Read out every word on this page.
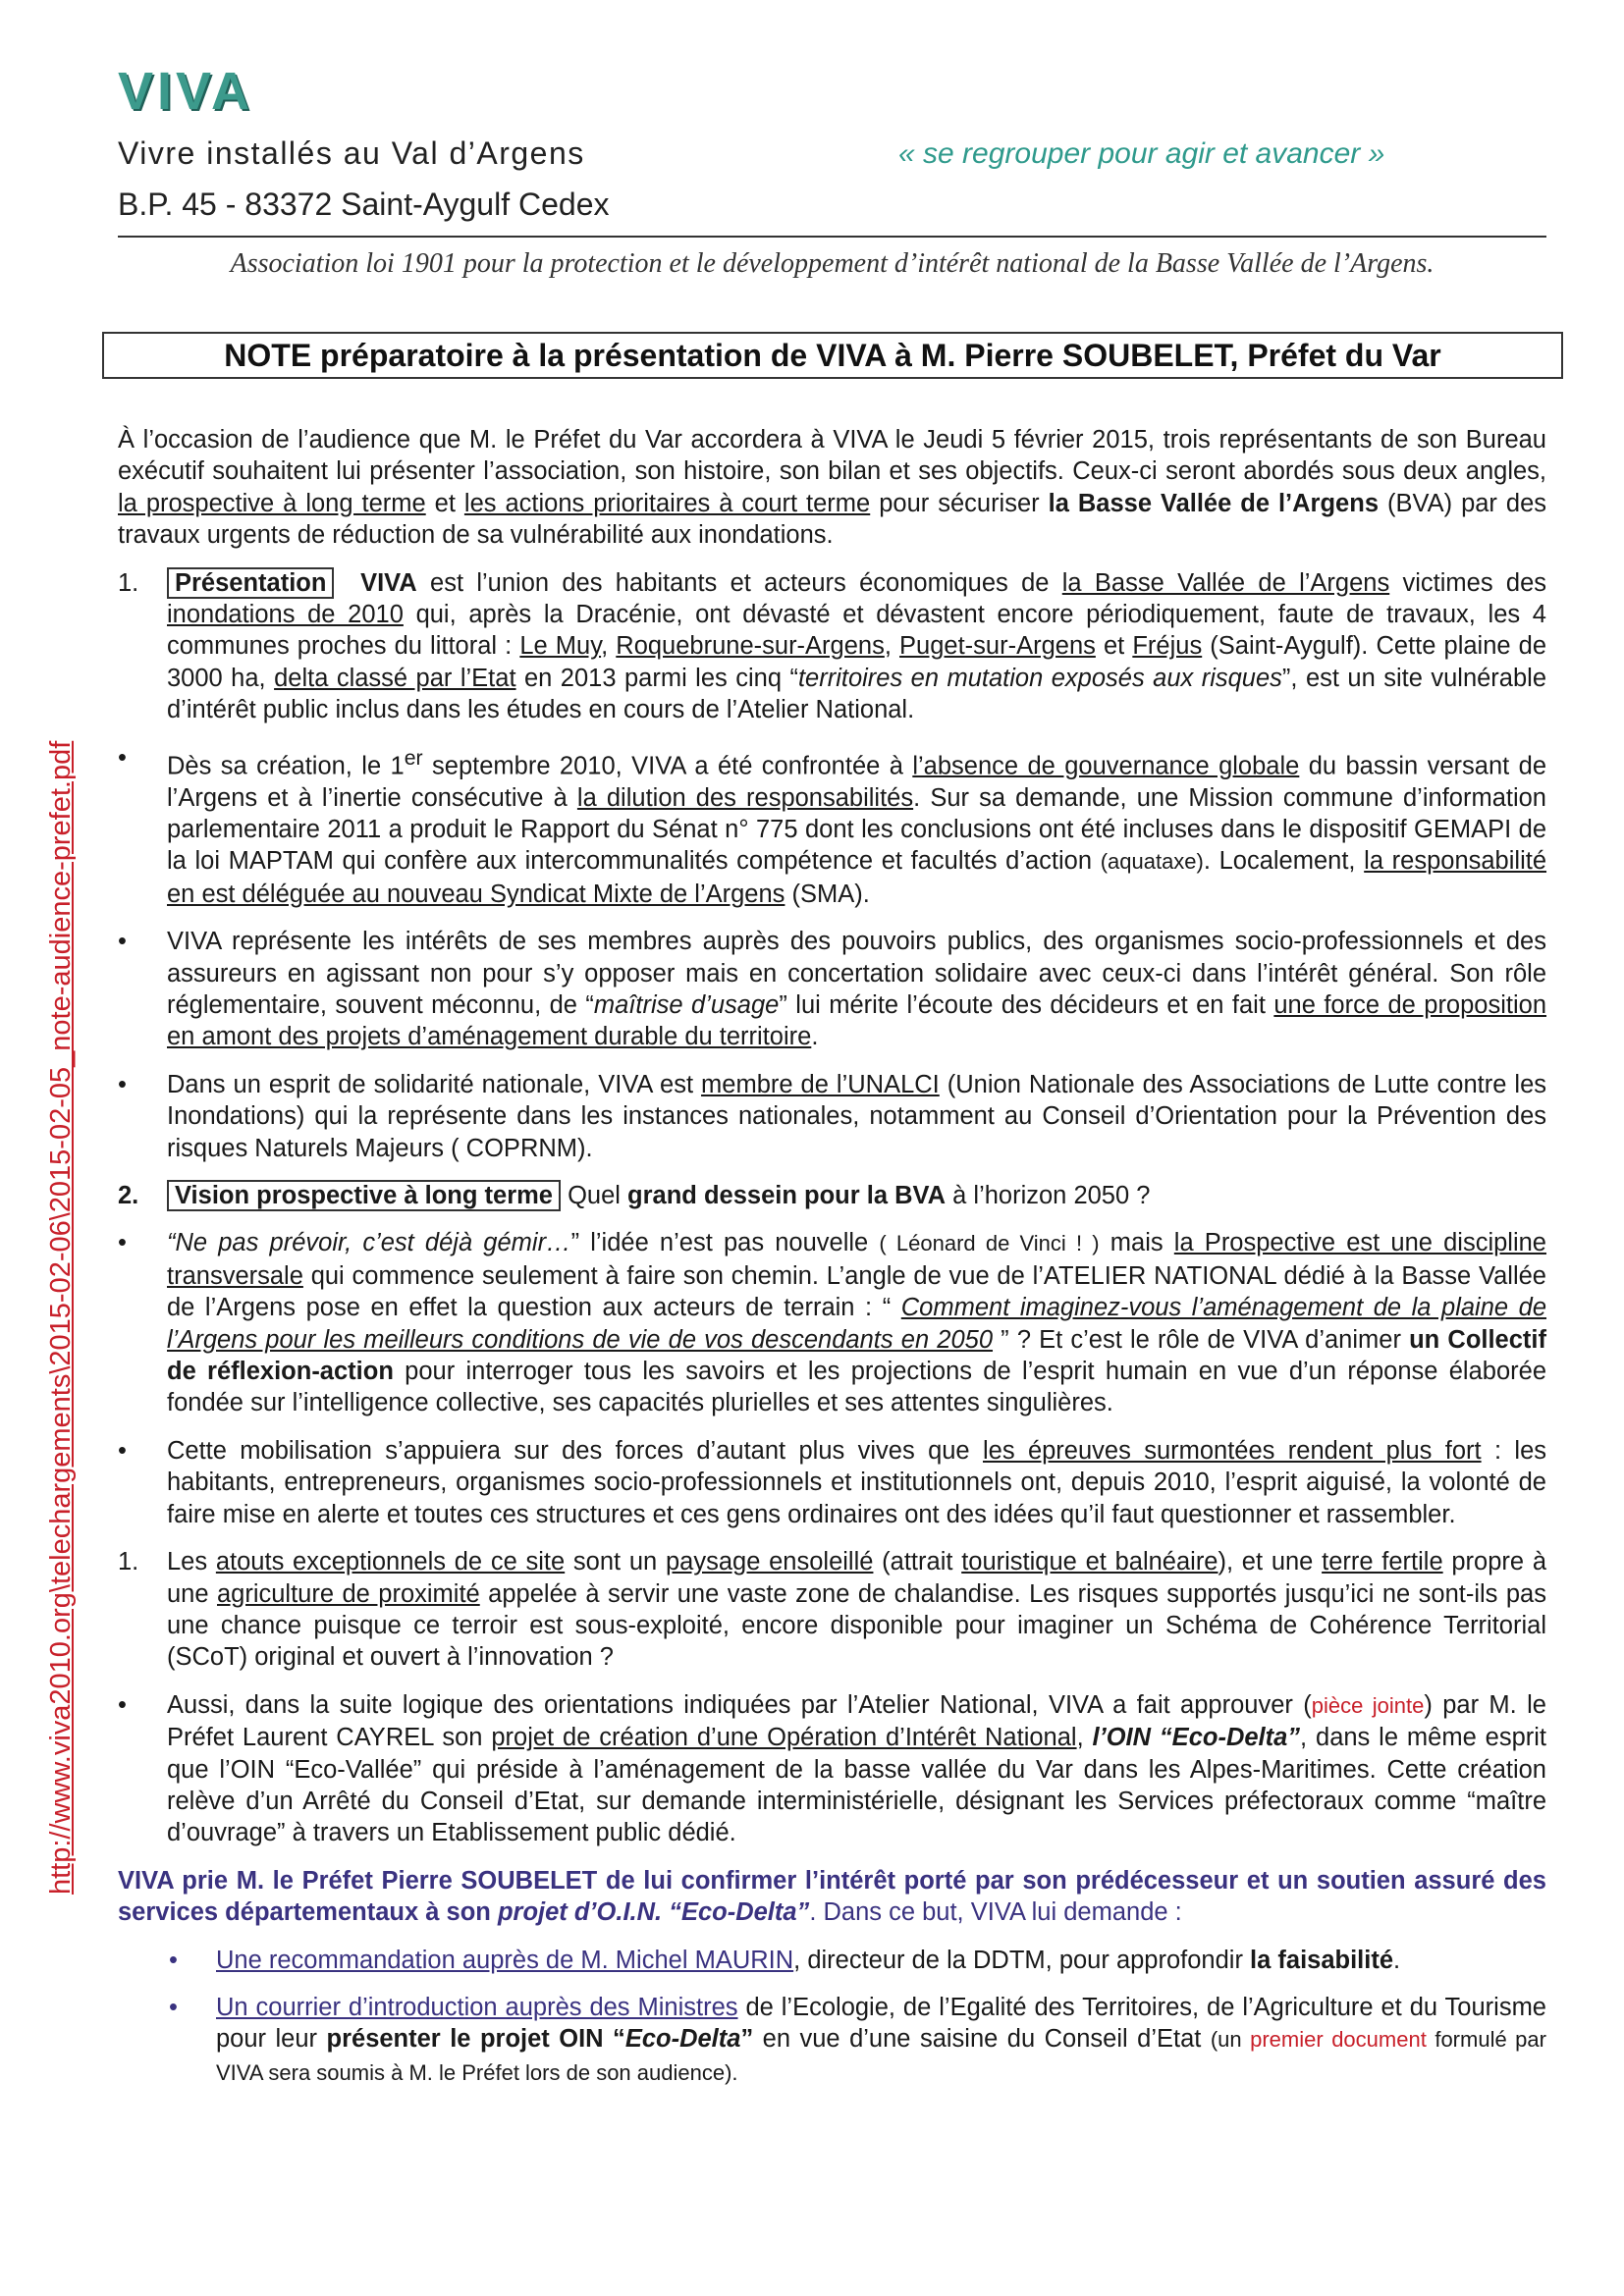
http://www.viva2010.org\telechargements\2015-02-06\2015-02-05_note-audience-prefet.pdf
VIVA
Vivre installés au Val d’Argens
B.P. 45 - 83372 Saint-Aygulf Cedex
« se regrouper pour agir et avancer »
Association loi 1901 pour la protection et le développement d’intérêt national de la Basse Vallée de l’Argens.
NOTE préparatoire à la présentation de VIVA à M. Pierre SOUBELET, Préfet du Var

À l’occasion de l’audience que M. le Préfet du Var accordera à VIVA le Jeudi 5 février 2015, trois représentants de son Bureau exécutif souhaitent lui présenter l’association, son histoire, son bilan et ses objectifs. Ceux-ci seront abordés sous deux angles, la prospective à long terme et les actions prioritaires à court terme pour sécuriser la Basse Vallée de l’Argens (BVA) par des travaux urgents de réduction de sa vulnérabilité aux inondations.

1. Présentation VIVA est l’union des habitants et acteurs économiques de la Basse Vallée de l’Argens victimes des inondations de 2010 qui, après la Dracénie, ont dévasté et dévastent encore périodiquement, faute de travaux, les 4 communes proches du littoral : Le Muy, Roquebrune-sur-Argens, Puget-sur-Argens et Fréjus (Saint-Aygulf). Cette plaine de 3000 ha, delta classé par l’Etat en 2013 parmi les cinq “territoires en mutation exposés aux risques”, est un site vulnérable d’intérêt public inclus dans les études en cours de l’Atelier National.
• Dès sa création, le 1er septembre 2010, VIVA a été confrontée à l’absence de gouvernance globale du bassin versant de l’Argens et à l’inertie consécutive à la dilution des responsabilités. Sur sa demande, une Mission commune d’information parlementaire 2011 a produit le Rapport du Sénat n° 775 dont les conclusions ont été incluses dans le dispositif GEMAPI de la loi MAPTAM qui confère aux intercommunalités compétence et facultés d’action (aquataxe). Localement, la responsabilité en est déléguée au nouveau Syndicat Mixte de l’Argens (SMA).
• VIVA représente les intérêts de ses membres auprès des pouvoirs publics, des organismes socio-professionnels et des assureurs en agissant non pour s’y opposer mais en concertation solidaire avec ceux-ci dans l’intérêt général. Son rôle réglementaire, souvent méconnu, de “maîtrise d’usage” lui mérite l’écoute des décideurs et en fait une force de proposition en amont des projets d’aménagement durable du territoire.
• Dans un esprit de solidarité nationale, VIVA est membre de l’UNALCI (Union Nationale des Associations de Lutte contre les Inondations) qui la représente dans les instances nationales, notamment au Conseil d’Orientation pour la Prévention des risques Naturels Majeurs ( COPRNM).
2. Vision prospective à long terme Quel grand dessein pour la BVA à l’horizon 2050 ?
• “Ne pas prévoir, c’est déjà gémir…” l’idée n’est pas nouvelle ( Léonard de Vinci ! ) mais la Prospective est une discipline transversale qui commence seulement à faire son chemin. L’angle de vue de l’ATELIER NATIONAL dédié à la Basse Vallée de l’Argens pose en effet la question aux acteurs de terrain : “ Comment imaginez-vous l’aménagement de la plaine de l’Argens pour les meilleurs conditions de vie de vos descendants en 2050 ” ? Et c’est le rôle de VIVA d’animer un Collectif de réflexion-action pour interroger tous les savoirs et les projections de l’esprit humain en vue d’un réponse élaborée fondée sur l’intelligence collective, ses capacités plurielles et ses attentes singulières.
• Cette mobilisation s’appuiera sur des forces d’autant plus vives que les épreuves surmontées rendent plus fort : les habitants, entrepreneurs, organismes socio-professionnels et institutionnels ont, depuis 2010, l’esprit aiguisé, la volonté de faire mise en alerte et toutes ces structures et ces gens ordinaires ont des idées qu’il faut questionner et rassembler.
1. Les atouts exceptionnels de ce site sont un paysage ensoleillé (attrait touristique et balnéaire), et une terre fertile propre à une agriculture de proximité appelée à servir une vaste zone de chalandise. Les risques supportés jusqu’ici ne sont-ils pas une chance puisque ce terroir est sous-exploité, encore disponible pour imaginer un Schéma de Cohérence Territorial (SCoT) original et ouvert à l’innovation ?
• Aussi, dans la suite logique des orientations indiquées par l’Atelier National, VIVA a fait approuver (pièce jointe) par M. le Préfet Laurent CAYREL son projet de création d’une Opération d’Intérêt National, l’OIN “Eco-Delta”, dans le même esprit que l’OIN “Eco-Vallée” qui préside à l’aménagement de la basse vallée du Var dans les Alpes-Maritimes. Cette création relève d’un Arrêté du Conseil d’Etat, sur demande interministérielle, désignant les Services préfectoraux comme “maître d’ouvrage” à travers un Etablissement public dédié.

VIVA prie M. le Préfet Pierre SOUBELET de lui confirmer l’intérêt porté par son prédécesseur et un soutien assuré des services départementaux à son projet d’O.I.N. “Eco-Delta”. Dans ce but, VIVA lui demande :

• Une recommandation auprès de M. Michel MAURIN, directeur de la DDTM, pour approfondir la faisabilité.
• Un courrier d’introduction auprès des Ministres de l’Ecologie, de l’Egalité des Territoires, de l’Agriculture et du Tourisme pour leur présenter le projet OIN “Eco-Delta” en vue d’une saisine du Conseil d’Etat (un premier document formulé par VIVA sera soumis à M. le Préfet lors de son audience).
